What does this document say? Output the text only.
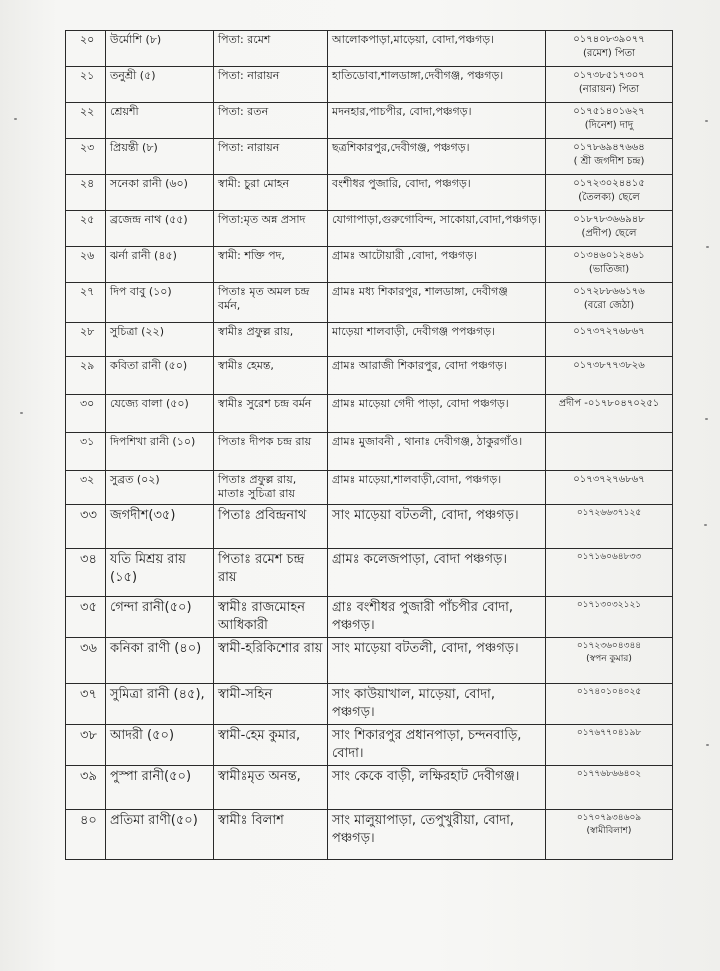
২০	উর্মোশি (৮)	পিতা: রমেশ	আলোকপাড়া,মাড়েয়া, বোদা,পঞ্চগড়।	০১৭৪০৮৩৯০৭৭
(রমেশ) পিতা

২১	তনুশ্রী (৫)	পিতা: নারায়ন	হাতিডোবা,শালডাঙ্গা,দেবীগঞ্জ, পঞ্চগড়।	০১৭৩৮৫১৭৩০৭
(নারায়ন) পিতা

২২	শ্রেয়শী	পিতা: রতন	মদনহার,পাচপীর, বোদা,পঞ্চগড়।	০১৭৫১৪০১৬২৭
(দিনেশ) দাদু

২৩	প্রিয়ন্তী (৮)	পিতা: নারায়ন	ছত্রশিকারপুর,দেবীগঞ্জ, পঞ্চগড়।	০১৭৮৬৯৪৭৬৬৪
( শ্রী জগদীশ চন্দ্র)

২৪	সনেকা রানী (৬০)	স্বামী: চুরা মোহন	বংশীধর পুজারি, বোদা, পঞ্চগড়।	০১৭২৩০২৪৪১৫
(তৈলক্য) ছেলে

২৫	ব্রজেন্দ্র নাথ (৫৫)	পিতা:মৃত অন্ন প্রসাদ	যোগাপাড়া,গুরুগোবিন্দ, সাকোয়া,বোদা,পঞ্চগড়।	০১৮৭৮৩৬৬৯৪৮
(প্রদীপ) ছেলে

২৬	ঝর্না রানী (৪৫)	স্বামী: শক্তি পদ,	গ্রামঃ আটোয়ারী ,বোদা, পঞ্চগড়।	০১৩৪৬০১২৪৬১
(ভাতিজা)

২৭	দিপ বাবু (১০)	পিতাঃ মৃত অমল চন্দ্র বর্মন,	গ্রামঃ মধ্য শিকারপুর, শালডাঙ্গা, দেবীগঞ্জ	০১৭২৮৮৬৬১৭৬
(বরো জেঠা)

২৮	সুচিত্রা (২২)	স্বামীঃ প্রফুল্ল রায়,	মাড়েয়া শালবাড়ী, দেবীগঞ্জ পপঞ্চগড়।	০১৭৩৭২৭৬৮৬৭

২৯	কবিতা রানী (৫০)	স্বামীঃ হেমন্ত,	গ্রামঃ আরাজী শিকারপুর, বোদা পঞ্চগড়।	০১৭৩৮৭৭৩৮২৬

৩০	যেজ্যে বালা (৫০)	স্বামীঃ সুরেশ চন্দ্র বর্মন	গ্রামঃ মাড়েয়া গেদী পাড়া, বোদা পঞ্চগড়।	প্রদীপ -০১৭৮০৪৭০২৫১

৩১	দিপশিখা রানী (১০)	পিতাঃ দীপক চন্দ্র রায়	গ্রামঃ মুজাবনী , থানাঃ দেবীগঞ্জ, ঠাকুরগাঁও।	

৩২	সুব্রত (০২)	পিতাঃ প্রফুল্ল রায়, মাতাঃ সুচিত্রা রায়	গ্রামঃ মাড়েয়া,শালবাড়ী,বোদা, পঞ্চগড়।	০১৭৩৭২৭৬৮৬৭

৩৩	জগদীশ(৩৫)	পিতাঃ প্রবিন্দ্রনাথ	সাং মাড়েয়া বটতলী, বোদা, পঞ্চগড়।	০১৭২৬৬৩৭১২৫

৩৪	যতি মিশ্রয় রায় (১৫)	পিতাঃ রমেশ চন্দ্র রায়	গ্রামঃ কলেজপাড়া, বোদা পঞ্চগড়।	০১৭১৬০৬৪৮৩৩

৩৫	গেন্দা রানী(৫০)	স্বামীঃ রাজমোহন আধিকারী	গ্রাঃ বংশীধর পুজারী পাঁচপীর বোদা, পঞ্চগড়।	০১৭১৩০৩২১২১

৩৬	কনিকা রাণী (৪০)	স্বামী-হরিকিশোর রায়	সাং মাড়েয়া বটতলী, বোদা, পঞ্চগড়।	০১৭২৩৬০৪৩৪৪
(স্বপন কুমার)

৩৭	সুমিত্রা রানী (৪৫),	স্বামী-সহিন	সাং কাউয়াখাল, মাড়েয়া, বোদা, পঞ্চগড়।	০১৭৪০১০৪০২৫

৩৮	আদরী (৫০)	স্বামী-হেম কুমার,	সাং শিকারপুর প্রধানপাড়া, চন্দনবাড়ি, বোদা।	০১৭৬৭৭০৪১৯৮

৩৯	পুস্পা রানী(৫০)	স্বামীঃমৃত অনন্ত,	সাং কেকে বাড়ী, লক্ষিরহাট দেবীগঞ্জ।	০১৭৭৬৮৬৬৪০২

৪০	প্রতিমা রাণী(৫০)	স্বামীঃ বিলাশ	সাং মালুয়াপাড়া, তেপুখুরীয়া, বোদা, পঞ্চগড়।	০১৭০৭৯৩৪৬০৯
(স্বামীবিলাশ)
